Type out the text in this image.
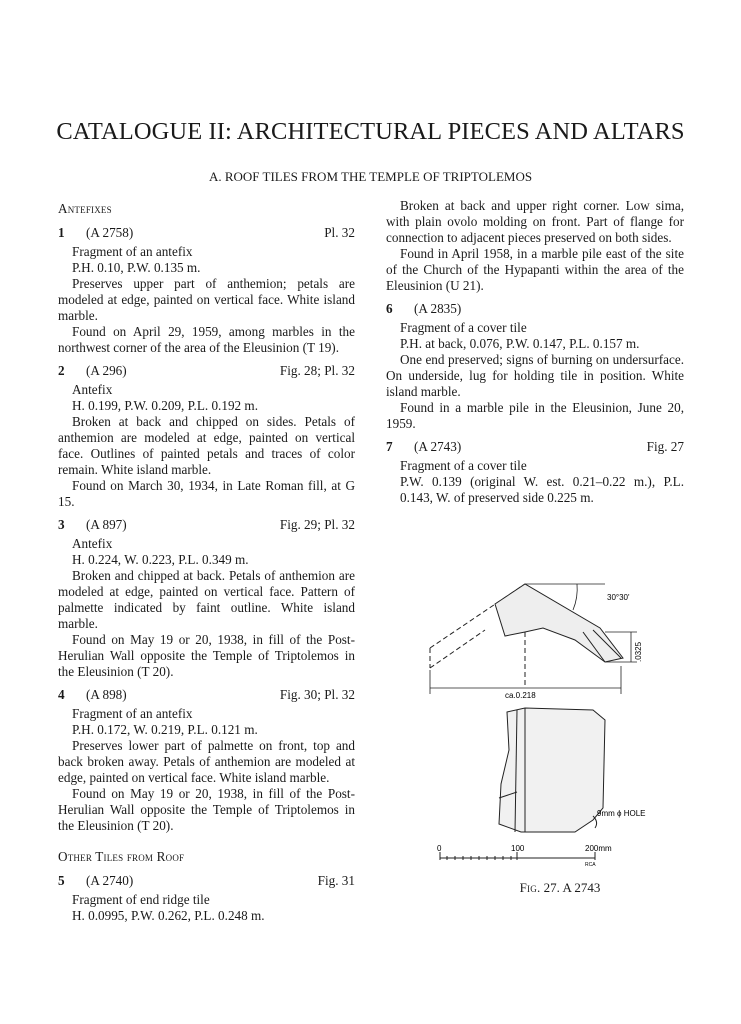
CATALOGUE II: ARCHITECTURAL PIECES AND ALTARS
A. ROOF TILES FROM THE TEMPLE OF TRIPTOLEMOS
Antefixes
1 (A 2758)	Pl. 32
Fragment of an antefix
P.H. 0.10, P.W. 0.135 m.

Preserves upper part of anthemion; petals are modeled at edge, painted on vertical face. White island marble.

Found on April 29, 1959, among marbles in the northwest corner of the area of the Eleusinion (T 19).

2 (A 296)	Fig. 28; Pl. 32
Antefix
H. 0.199, P.W. 0.209, P.L. 0.192 m.

Broken at back and chipped on sides. Petals of anthemion are modeled at edge, painted on vertical face. Outlines of painted petals and traces of color remain. White island marble.

Found on March 30, 1934, in Late Roman fill, at G 15.

3 (A 897)	Fig. 29; Pl. 32
Antefix
H. 0.224, W. 0.223, P.L. 0.349 m.

Broken and chipped at back. Petals of anthemion are modeled at edge, painted on vertical face. Pattern of palmette indicated by faint outline. White island marble.

Found on May 19 or 20, 1938, in fill of the Post-Herulian Wall opposite the Temple of Triptolemos in the Eleusinion (T 20).

4 (A 898)	Fig. 30; Pl. 32
Fragment of an antefix
P.H. 0.172, W. 0.219, P.L. 0.121 m.

Preserves lower part of palmette on front, top and back broken away. Petals of anthemion are modeled at edge, painted on vertical face. White island marble.

Found on May 19 or 20, 1938, in fill of the Post-Herulian Wall opposite the Temple of Triptolemos in the Eleusinion (T 20).

Other Tiles from Roof
5 (A 2740)	Fig. 31
Fragment of end ridge tile
H. 0.0995, P.W. 0.262, P.L. 0.248 m.

Broken at back and upper right corner. Low sima, with plain ovolo molding on front. Part of flange for connection to adjacent pieces preserved on both sides.

Found in April 1958, in a marble pile east of the site of the Church of the Hypapanti within the area of the Eleusinion (U 21).

6 (A 2835)
Fragment of a cover tile
P.H. at back, 0.076, P.W. 0.147, P.L. 0.157 m.

One end preserved; signs of burning on undersurface. On underside, lug for holding tile in position. White island marble.

Found in a marble pile in the Eleusinion, June 20, 1959.

7 (A 2743)	Fig. 27
Fragment of a cover tile
P.W. 0.139 (original W. est. 0.21–0.22 m.), P.L. 0.143, W. of preserved side 0.225 m.
30°30'
.0325
ca.0.218
9mm ϕ HOLE
0	100	200mm
RCA
Fig. 27. A 2743
